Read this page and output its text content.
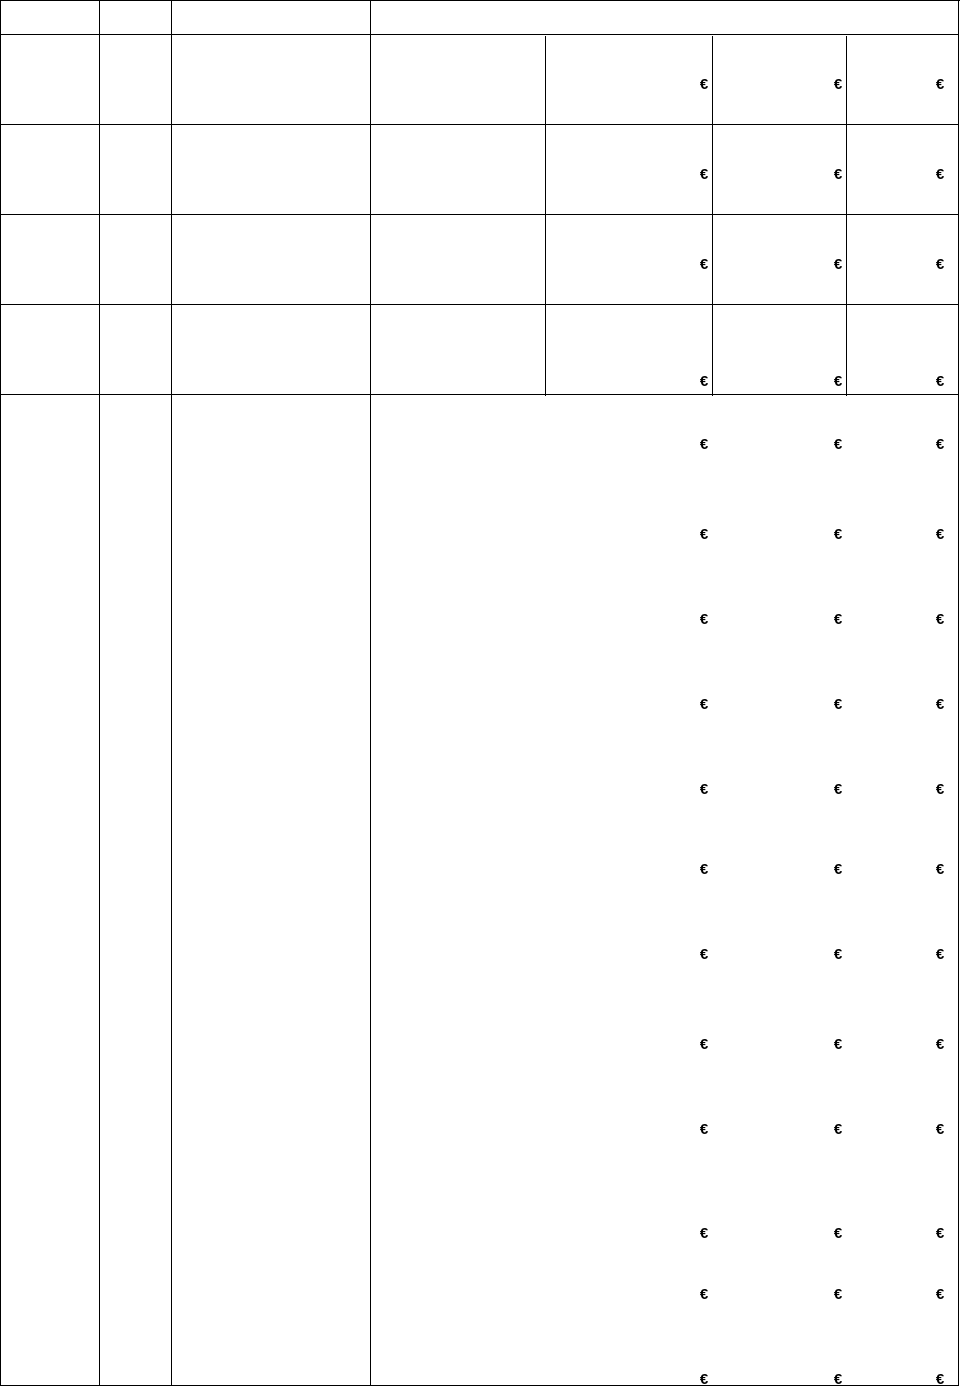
€	€	€
€	€	€
€	€	€
€	€	€
€	€	€
€	€	€
€	€	€
€	€	€
€	€	€
€	€	€
€	€	€
€	€	€
€	€	€
€	€	€
€	€	€
€	€	€
